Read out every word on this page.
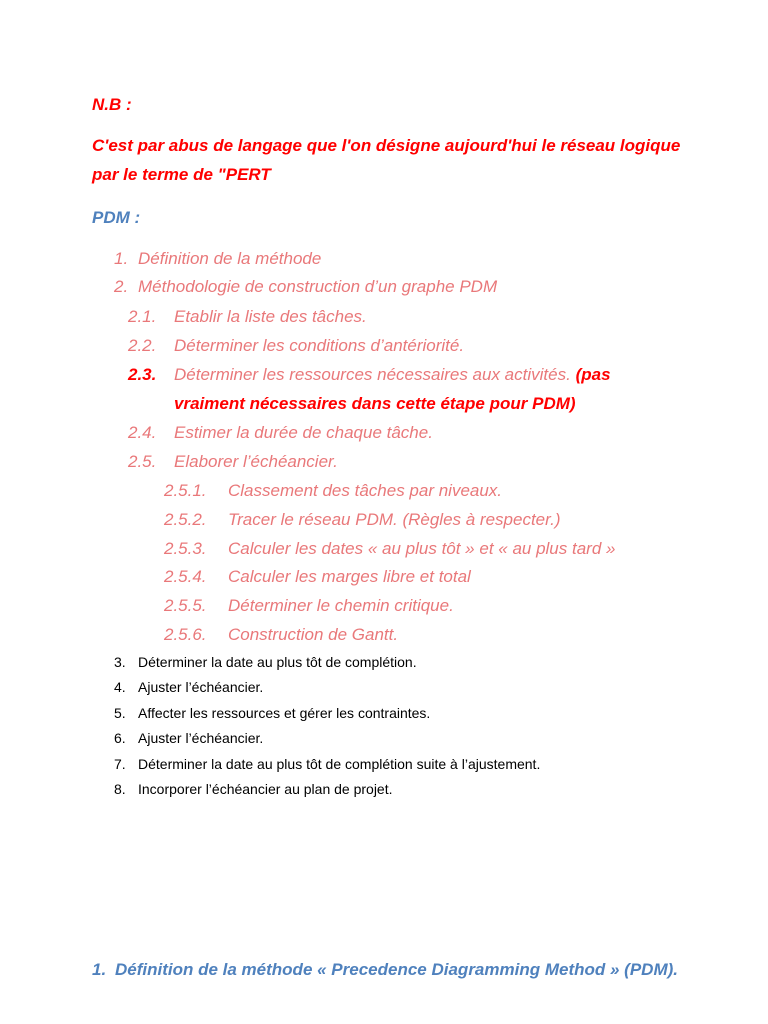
N.B :
C'est par abus de langage que l'on désigne aujourd'hui le réseau logique
par le terme de "PERT
PDM :
1. Définition de la méthode
2. Méthodologie de construction d’un graphe PDM
2.1. Etablir la liste des tâches.
2.2. Déterminer les conditions d’antériorité.
2.3. Déterminer les ressources nécessaires aux activités. (pas
vraiment nécessaires dans cette étape pour PDM)
2.4. Estimer la durée de chaque tâche.
2.5. Elaborer l’échéancier.
2.5.1. Classement des tâches par niveaux.
2.5.2. Tracer le réseau PDM. (Règles à respecter.)
2.5.3. Calculer les dates « au plus tôt » et « au plus tard »
2.5.4. Calculer les marges libre et total
2.5.5. Déterminer le chemin critique.
2.5.6. Construction de Gantt.
3. Déterminer la date au plus tôt de complétion.
4. Ajuster l’échéancier.
5. Affecter les ressources et gérer les contraintes.
6. Ajuster l’échéancier.
7. Déterminer la date au plus tôt de complétion suite à l’ajustement.
8. Incorporer l’échéancier au plan de projet.
1. Définition de la méthode « Precedence Diagramming Method » (PDM).
